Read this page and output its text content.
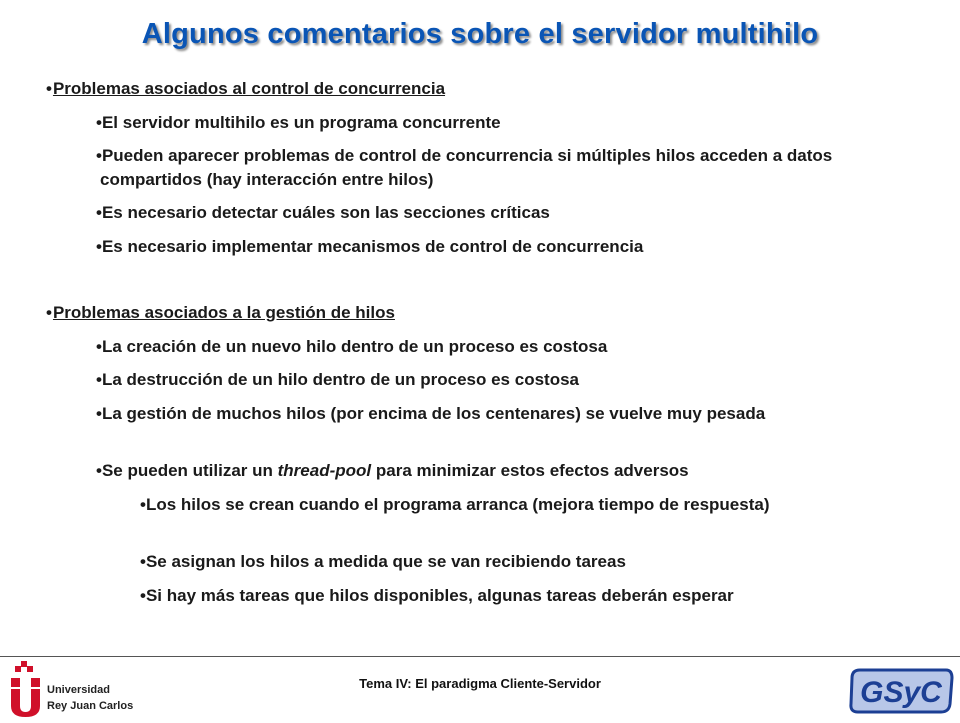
Algunos comentarios sobre el servidor multihilo
•Problemas asociados al control de concurrencia
•El servidor multihilo es un programa concurrente
•Pueden aparecer problemas de control de concurrencia si múltiples hilos acceden a datos compartidos (hay interacción entre hilos)
•Es necesario detectar cuáles son las secciones críticas
•Es necesario implementar mecanismos de control de concurrencia
•Problemas asociados a la gestión de hilos
•La creación de un nuevo hilo dentro de un proceso es costosa
•La destrucción de un hilo dentro de un proceso es costosa
•La gestión de muchos hilos (por encima de los centenares) se vuelve muy pesada
•Se pueden utilizar un thread-pool para minimizar estos efectos adversos
•Los hilos se crean cuando el programa arranca (mejora tiempo de respuesta)
•Se asignan los hilos a medida que se van recibiendo tareas
•Si hay más tareas que hilos disponibles, algunas tareas deberán esperar
Universidad
Rey Juan Carlos
Tema IV: El paradigma Cliente-Servidor	GSyC
